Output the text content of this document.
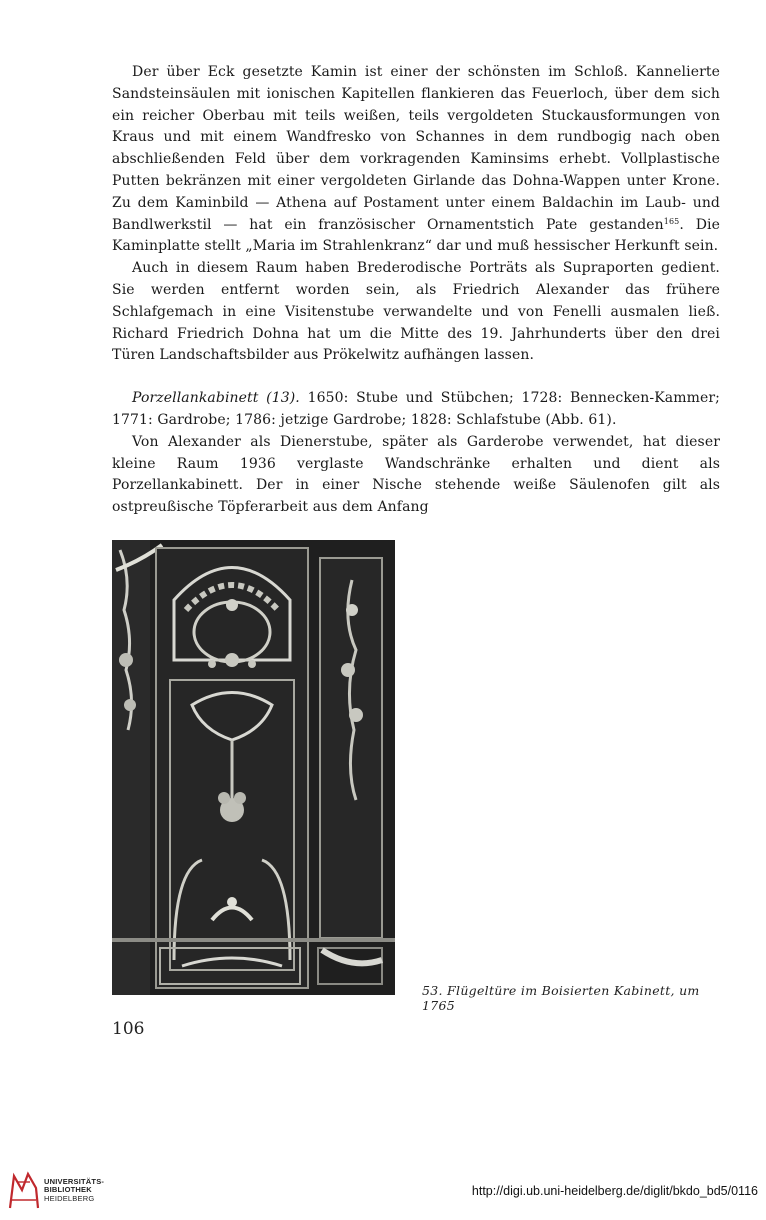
Der über Eck gesetzte Kamin ist einer der schönsten im Schloß. Kannelierte Sandsteinsäulen mit ionischen Kapitellen flankieren das Feuerloch, über dem sich ein reicher Oberbau mit teils weißen, teils vergoldeten Stuckausformungen von Kraus und mit einem Wandfresko von Schannes in dem rundbogig nach oben abschließenden Feld über dem vorkragenden Kaminsims erhebt. Vollplastische Putten bekränzen mit einer vergoldeten Girlande das Dohna-Wappen unter Krone. Zu dem Kaminbild — Athena auf Postament unter einem Baldachin im Laub- und Bandlwerkstil — hat ein französischer Ornamentstich Pate gestanden$^{165}$. Die Kaminplatte stellt „Maria im Strahlenkranz“ dar und muß hessischer Herkunft sein.

Auch in diesem Raum haben Brederodische Porträts als Supraporten gedient. Sie werden entfernt worden sein, als Friedrich Alexander das frühere Schlafgemach in eine Visitenstube verwandelte und von Fenelli ausmalen ließ. Richard Friedrich Dohna hat um die Mitte des 19. Jahrhunderts über den drei Türen Landschaftsbilder aus Prökelwitz aufhängen lassen.

Porzellankabinett (13). 1650: Stube und Stübchen; 1728: Bennecken-Kammer; 1771: Gardrobe; 1786: jetzige Gardrobe; 1828: Schlafstube (Abb. 61).

Von Alexander als Dienerstube, später als Garderobe verwendet, hat dieser kleine Raum 1936 verglaste Wandschränke erhalten und dient als Porzellankabinett. Der in einer Nische stehende weiße Säulenofen gilt als ostpreußische Töpferarbeit aus dem Anfang

53. Flügeltüre im Boisierten Kabinett, um 1765
106
UNIVERSITÄTS-
BIBLIOTHEK
HEIDELBERG
http://digi.ub.uni-heidelberg.de/diglit/bkdo_bd5/0116
